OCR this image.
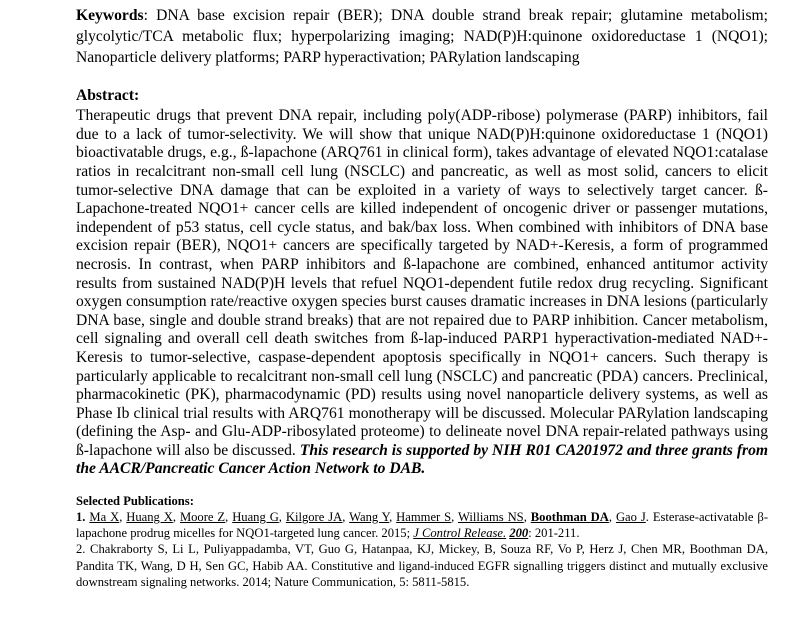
Keywords: DNA base excision repair (BER); DNA double strand break repair; glutamine metabolism; glycolytic/TCA metabolic flux; hyperpolarizing imaging; NAD(P)H:quinone oxidoreductase 1 (NQO1); Nanoparticle delivery platforms; PARP hyperactivation; PARylation landscaping

Abstract:

Therapeutic drugs that prevent DNA repair, including poly(ADP-ribose) polymerase (PARP) inhibitors, fail due to a lack of tumor-selectivity. We will show that unique NAD(P)H:quinone oxidoreductase 1 (NQO1) bioactivatable drugs, e.g., ß-lapachone (ARQ761 in clinical form), takes advantage of elevated NQO1:catalase ratios in recalcitrant non-small cell lung (NSCLC) and pancreatic, as well as most solid, cancers to elicit tumor-selective DNA damage that can be exploited in a variety of ways to selectively target cancer. ß-Lapachone-treated NQO1+ cancer cells are killed independent of oncogenic driver or passenger mutations, independent of p53 status, cell cycle status, and bak/bax loss. When combined with inhibitors of DNA base excision repair (BER), NQO1+ cancers are specifically targeted by NAD+-Keresis, a form of programmed necrosis. In contrast, when PARP inhibitors and ß-lapachone are combined, enhanced antitumor activity results from sustained NAD(P)H levels that refuel NQO1-dependent futile redox drug recycling. Significant oxygen consumption rate/reactive oxygen species burst causes dramatic increases in DNA lesions (particularly DNA base, single and double strand breaks) that are not repaired due to PARP inhibition. Cancer metabolism, cell signaling and overall cell death switches from ß-lap-induced PARP1 hyperactivation-mediated NAD+-Keresis to tumor-selective, caspase-dependent apoptosis specifically in NQO1+ cancers. Such therapy is particularly applicable to recalcitrant non-small cell lung (NSCLC) and pancreatic (PDA) cancers. Preclinical, pharmacokinetic (PK), pharmacodynamic (PD) results using novel nanoparticle delivery systems, as well as Phase Ib clinical trial results with ARQ761 monotherapy will be discussed. Molecular PARylation landscaping (defining the Asp- and Glu-ADP-ribosylated proteome) to delineate novel DNA repair-related pathways using ß-lapachone will also be discussed. This research is supported by NIH R01 CA201972 and three grants from the AACR/Pancreatic Cancer Action Network to DAB.

Selected Publications:

1. Ma X, Huang X, Moore Z, Huang G, Kilgore JA, Wang Y, Hammer S, Williams NS, Boothman DA, Gao J. Esterase-activatable β-lapachone prodrug micelles for NQO1-targeted lung cancer. 2015; J Control Release. 200: 201-211.

2. Chakraborty S, Li L, Puliyappadamba, VT, Guo G, Hatanpaa, KJ, Mickey, B, Souza RF, Vo P, Herz J, Chen MR, Boothman DA, Pandita TK, Wang, D H, Sen GC, Habib AA. Constitutive and ligand-induced EGFR signalling triggers distinct and mutually exclusive downstream signaling networks. 2014; Nature Communication, 5: 5811-5815.
